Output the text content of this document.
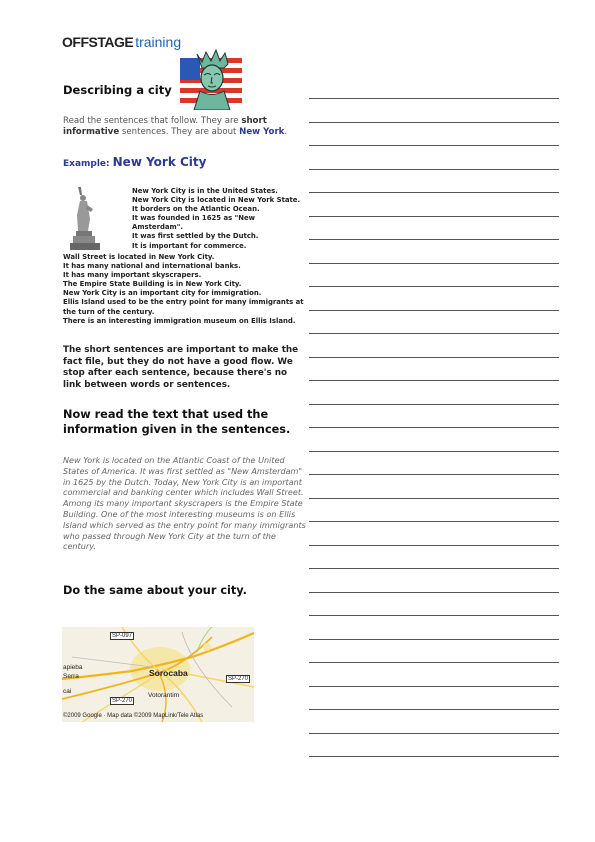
OFFSTAGE training
Describing a city
Read the sentences that follow. They are short informative sentences. They are about New York.
Example: New York City
New York City is in the United States.
New York City is located in New York State.
It borders on the Atlantic Ocean.
It was founded in 1625 as "New
Amsterdam".
It was first settled by the Dutch.
It is important for commerce.
Wall Street is located in New York City.
It has many national and international banks.
It has many important skyscrapers.
The Empire State Building is in New York City.
New York City is an important city for immigration.
Ellis Island used to be the entry point for many immigrants at
the turn of the century.
There is an interesting immigration museum on Ellis Island.
The short sentences are important to make the fact file, but they do not have a good flow. We stop after each sentence, because there's no link between words or sentences.
Now read the text that used the information given in the sentences.
New York is located on the Atlantic Coast of the United States of America. It was first settled as "New Amsterdam" in 1625 by the Dutch. Today, New York City is an important commercial and banking center which includes Wall Street. Among its many important skyscrapers is the Empire State Building. One of the most interesting museums is on Ellis Island which served as the entry point for many immigrants who passed through New York City at the turn of the century.
Do the same about your city.
SP-097
SP-270
SP-270
Sorocaba
Votorantim
apieba
Serra
cai
©2009 Google · Map data ©2009 MapLink/Tele Atlas
